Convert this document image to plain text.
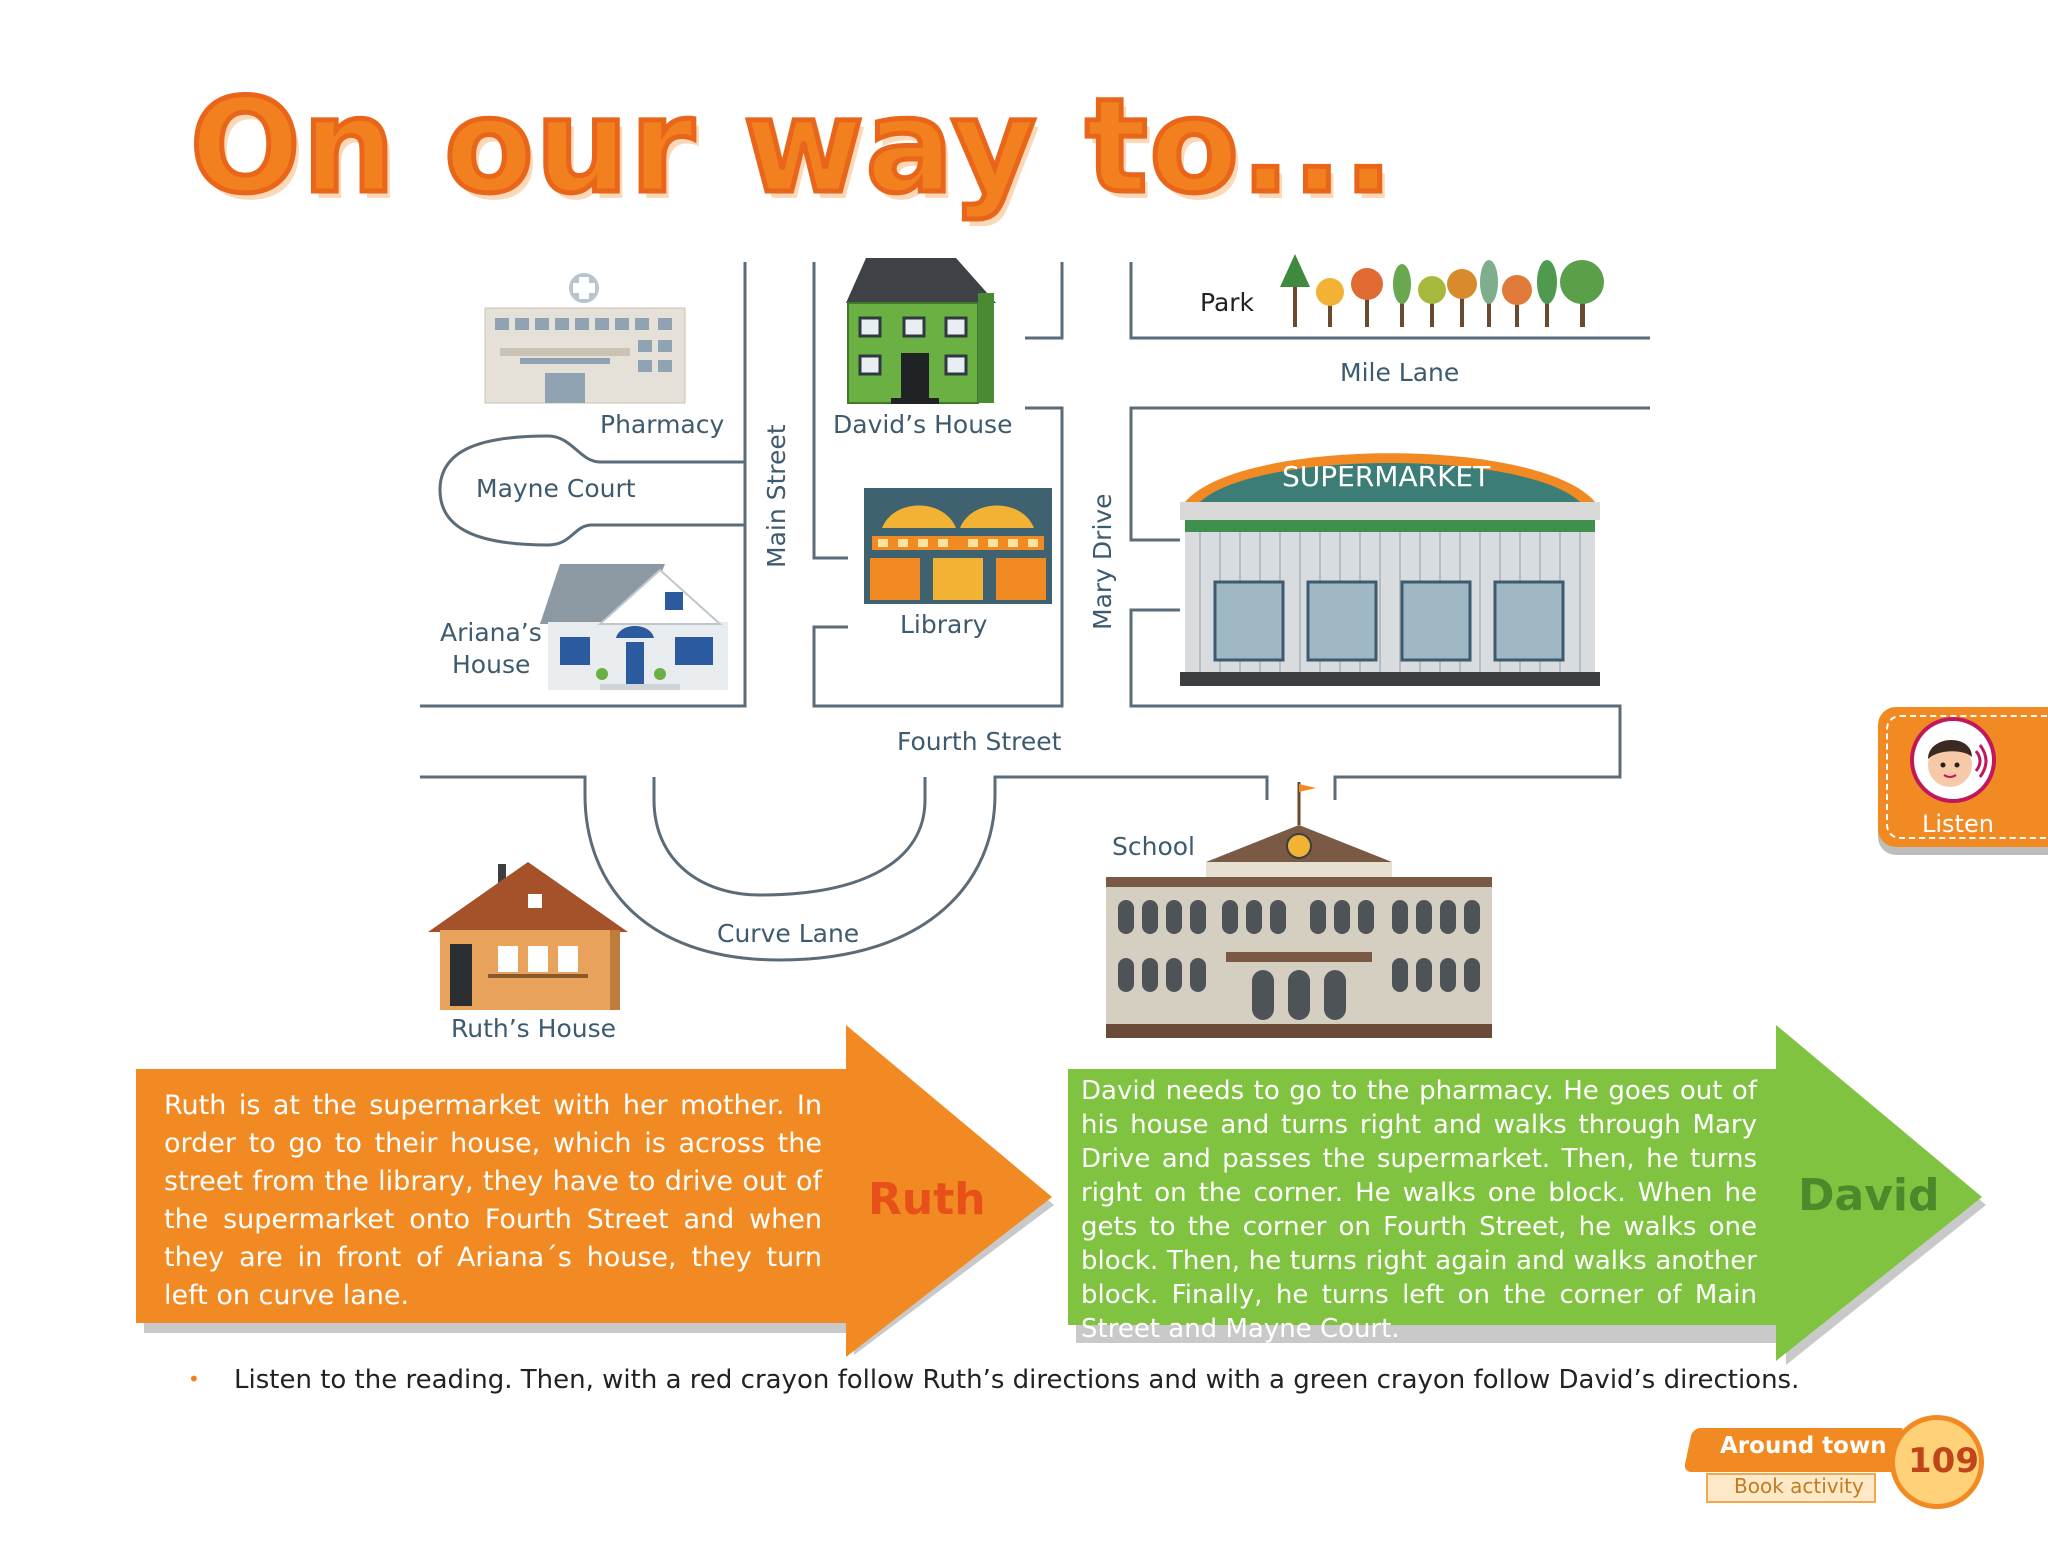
On our way to...
SUPERMARKET
Pharmacy	David’s House
Park
Mile Lane
Mayne Court	Main Street	Mary Drive
Library
Ariana’s
House
Fourth Street
School
Curve Lane
Ruth’s House
Ruth is at the supermarket with her mother. In order to go to their house, which is across the street from the library, they have to drive out of the supermarket onto Fourth Street and when they are in front of Ariana´s house, they turn left on curve lane.
Ruth
David needs to go to the pharmacy. He goes out of his house and turns right and walks through Mary Drive and passes the supermarket. Then, he turns right on the corner. He walks one block. When he gets to the corner on Fourth Street, he walks one block. Then, he turns right again and walks another block. Finally, he turns left on the corner of Main Street and Mayne Court.
David
• Listen to the reading. Then, with a red crayon follow Ruth’s directions and with a green crayon follow David’s directions.
Listen
Around town
Book activity
109
